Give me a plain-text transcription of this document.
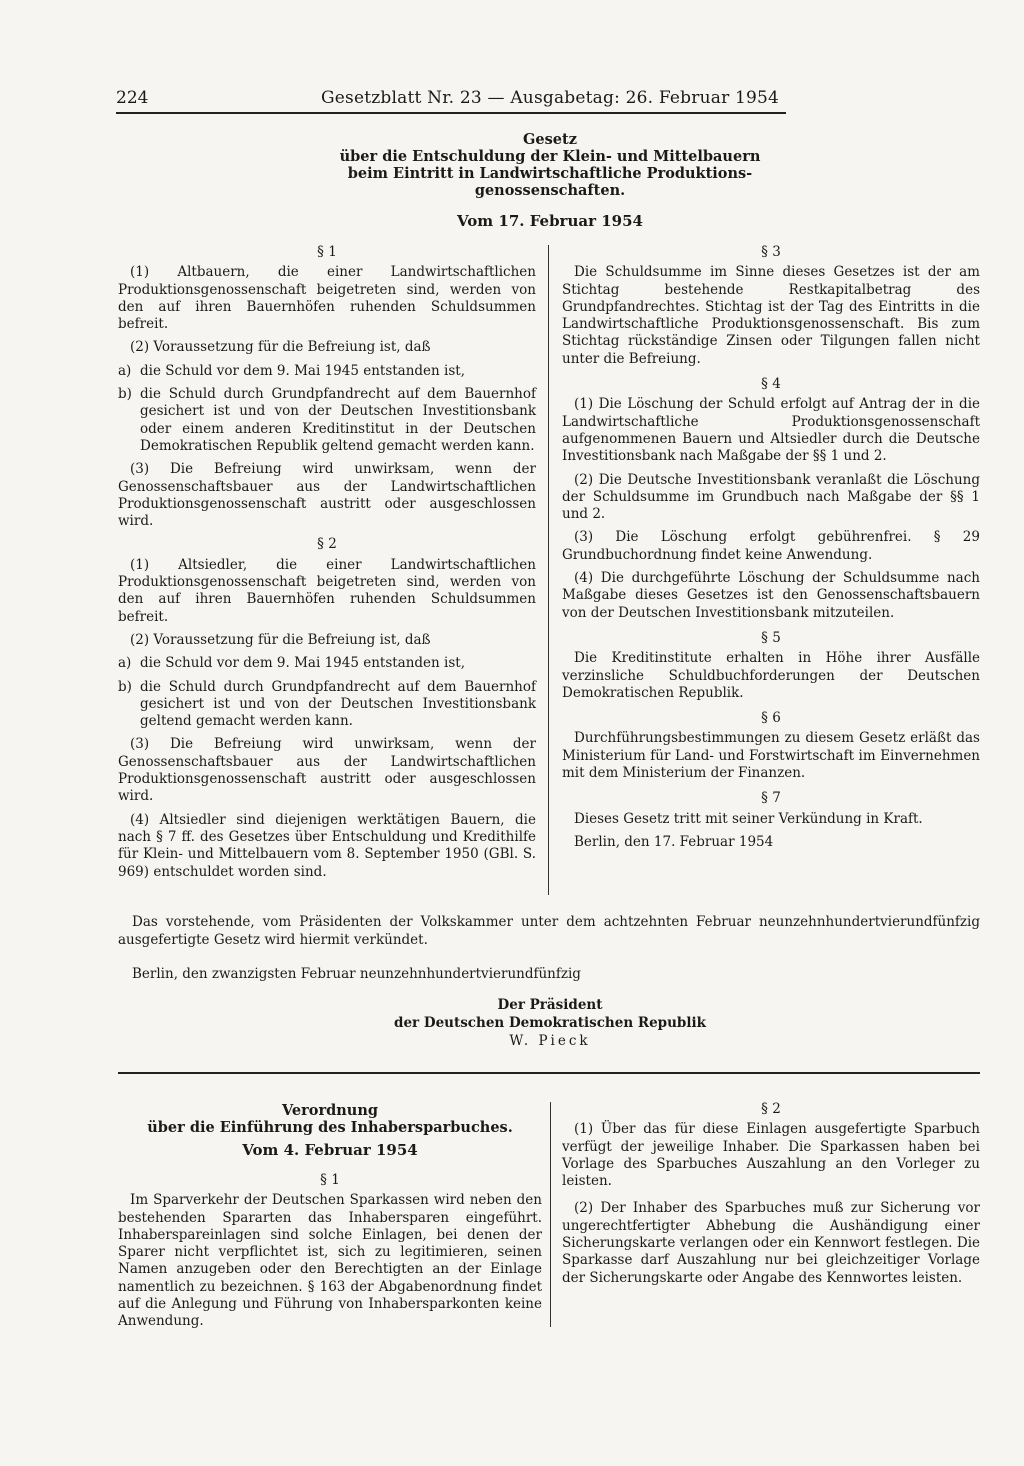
224	Gesetzblatt Nr. 23 — Ausgabetag: 26. Februar 1954
Gesetz
über die Entschuldung der Klein- und Mittelbauern
beim Eintritt in Landwirtschaftliche Produktions-
genossenschaften.
Vom 17. Februar 1954
§ 1

(1) Altbauern, die einer Landwirtschaftlichen Produktionsgenossenschaft beigetreten sind, werden von den auf ihren Bauernhöfen ruhenden Schuldsummen befreit.

(2) Voraussetzung für die Befreiung ist, daß

a) die Schuld vor dem 9. Mai 1945 entstanden ist,
b) die Schuld durch Grundpfandrecht auf dem Bauernhof gesichert ist und von der Deutschen Investitionsbank oder einem anderen Kreditinstitut in der Deutschen Demokratischen Republik geltend gemacht werden kann.

(3) Die Befreiung wird unwirksam, wenn der Genossenschaftsbauer aus der Landwirtschaftlichen Produktionsgenossenschaft austritt oder ausgeschlossen wird.

§ 2

(1) Altsiedler, die einer Landwirtschaftlichen Produktionsgenossenschaft beigetreten sind, werden von den auf ihren Bauernhöfen ruhenden Schuldsummen befreit.

(2) Voraussetzung für die Befreiung ist, daß

a) die Schuld vor dem 9. Mai 1945 entstanden ist,
b) die Schuld durch Grundpfandrecht auf dem Bauernhof gesichert ist und von der Deutschen Investitionsbank geltend gemacht werden kann.

(3) Die Befreiung wird unwirksam, wenn der Genossenschaftsbauer aus der Landwirtschaftlichen Produktionsgenossenschaft austritt oder ausgeschlossen wird.

(4) Altsiedler sind diejenigen werktätigen Bauern, die nach § 7 ff. des Gesetzes über Entschuldung und Kredithilfe für Klein- und Mittelbauern vom 8. September 1950 (GBl. S. 969) entschuldet worden sind.

§ 3

Die Schuldsumme im Sinne dieses Gesetzes ist der am Stichtag bestehende Restkapitalbetrag des Grundpfandrechtes. Stichtag ist der Tag des Eintritts in die Landwirtschaftliche Produktionsgenossenschaft. Bis zum Stichtag rückständige Zinsen oder Tilgungen fallen nicht unter die Befreiung.

§ 4

(1) Die Löschung der Schuld erfolgt auf Antrag der in die Landwirtschaftliche Produktionsgenossenschaft aufgenommenen Bauern und Altsiedler durch die Deutsche Investitionsbank nach Maßgabe der §§ 1 und 2.

(2) Die Deutsche Investitionsbank veranlaßt die Löschung der Schuldsumme im Grundbuch nach Maßgabe der §§ 1 und 2.

(3) Die Löschung erfolgt gebührenfrei. § 29 Grundbuchordnung findet keine Anwendung.

(4) Die durchgeführte Löschung der Schuldsumme nach Maßgabe dieses Gesetzes ist den Genossenschaftsbauern von der Deutschen Investitionsbank mitzuteilen.

§ 5

Die Kreditinstitute erhalten in Höhe ihrer Ausfälle verzinsliche Schuldbuchforderungen der Deutschen Demokratischen Republik.

§ 6

Durchführungsbestimmungen zu diesem Gesetz erläßt das Ministerium für Land- und Forstwirtschaft im Einvernehmen mit dem Ministerium der Finanzen.

§ 7

Dieses Gesetz tritt mit seiner Verkündung in Kraft.

Berlin, den 17. Februar 1954

Das vorstehende, vom Präsidenten der Volkskammer unter dem achtzehnten Februar neunzehnhundertvierundfünfzig ausgefertigte Gesetz wird hiermit verkündet.
Berlin, den zwanzigsten Februar neunzehnhundertvierundfünfzig
Der Präsident
der Deutschen Demokratischen Republik
W. Pieck
Verordnung
über die Einführung des Inhabersparbuches.
Vom 4. Februar 1954
§ 1

Im Sparverkehr der Deutschen Sparkassen wird neben den bestehenden Spararten das Inhabersparen eingeführt. Inhaberspareinlagen sind solche Einlagen, bei denen der Sparer nicht verpflichtet ist, sich zu legitimieren, seinen Namen anzugeben oder den Berechtigten an der Einlage namentlich zu bezeichnen. § 163 der Abgabenordnung findet auf die Anlegung und Führung von Inhabersparkonten keine Anwendung.

§ 2

(1) Über das für diese Einlagen ausgefertigte Sparbuch verfügt der jeweilige Inhaber. Die Sparkassen haben bei Vorlage des Sparbuches Auszahlung an den Vorleger zu leisten.

(2) Der Inhaber des Sparbuches muß zur Sicherung vor ungerechtfertigter Abhebung die Aushändigung einer Sicherungskarte verlangen oder ein Kennwort festlegen. Die Sparkasse darf Auszahlung nur bei gleichzeitiger Vorlage der Sicherungskarte oder Angabe des Kennwortes leisten.
